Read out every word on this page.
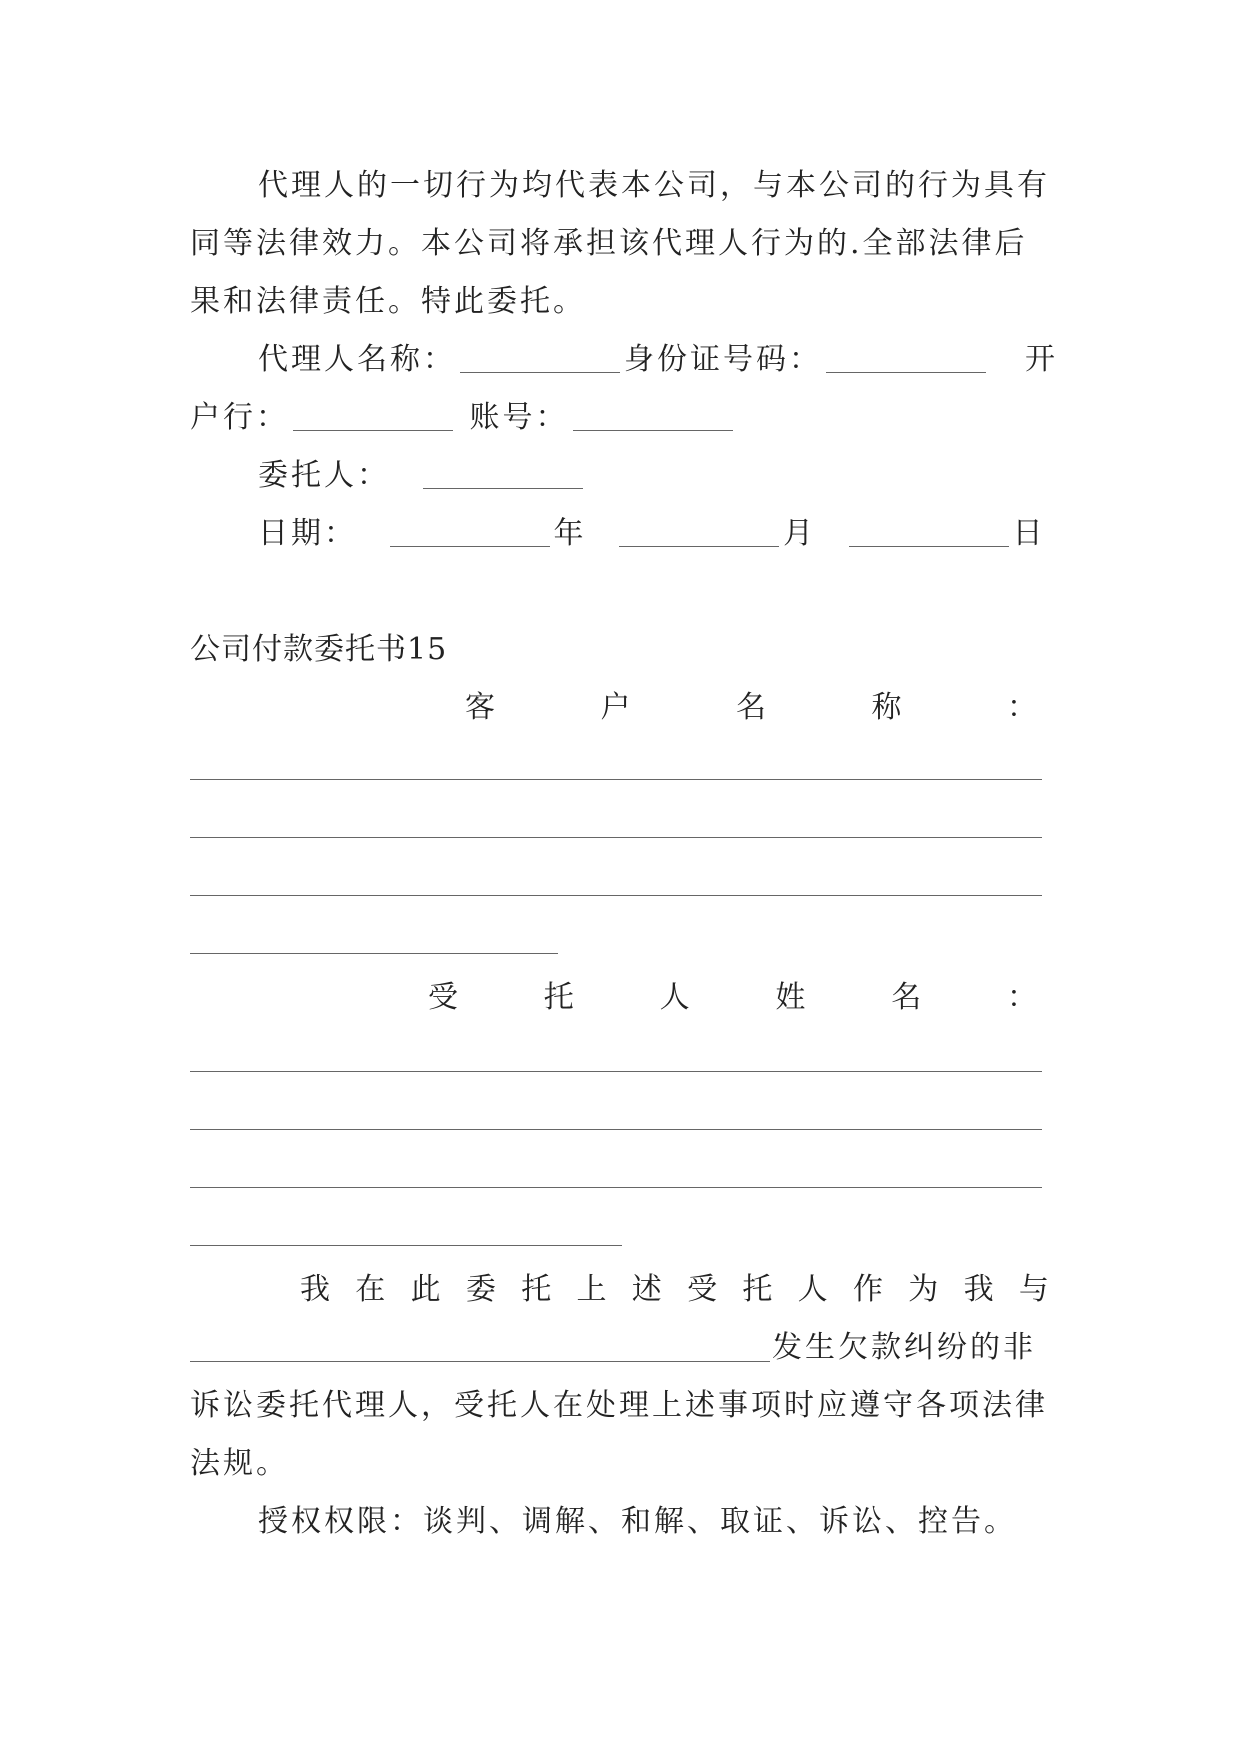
代理人的一切行为均代表本公司，与本公司的行为具有
同等法律效力。本公司将承担该代理人行为的.全部法律后
果和法律责任。特此委托。
代理人名称：	身份证号码：	开
户行：	账号：
委托人：
日期：	年	月	日
公司付款委托书15
客	户	名	称	：
受	托	人	姓	名	：
我 在 此 委 托 上 述 受 托 人 作 为 我 与
发生欠款纠纷的非
诉讼委托代理人，受托人在处理上述事项时应遵守各项法律
法规。
授权权限：谈判、调解、和解、取证、诉讼、控告。
